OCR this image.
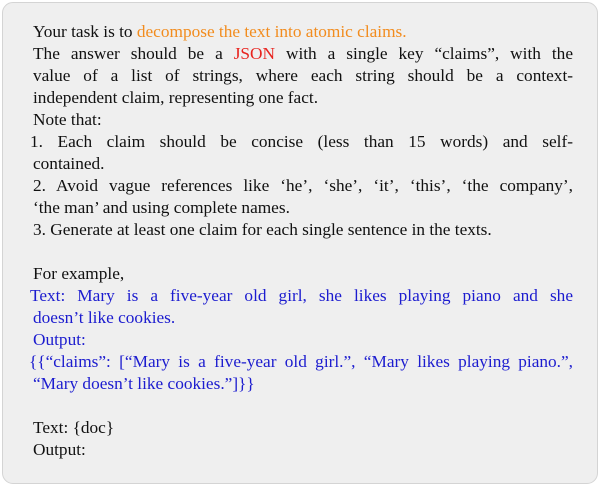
Your task is to decompose the text into atomic claims.
The answer should be a JSON with a single key “claims”, with the
value of a list of strings, where each string should be a context-
independent claim, representing one fact.
Note that:
1. Each claim should be concise (less than 15 words) and self-
contained.
2. Avoid vague references like ‘he’, ‘she’, ‘it’, ‘this’, ‘the company’,
‘the man’ and using complete names.
3. Generate at least one claim for each single sentence in the texts.
For example,
Text: Mary is a five-year old girl, she likes playing piano and she
doesn’t like cookies.
Output:
{{“claims”: [“Mary is a five-year old girl.”, “Mary likes playing piano.”,
“Mary doesn’t like cookies.”]}}
Text: {doc}
Output:
